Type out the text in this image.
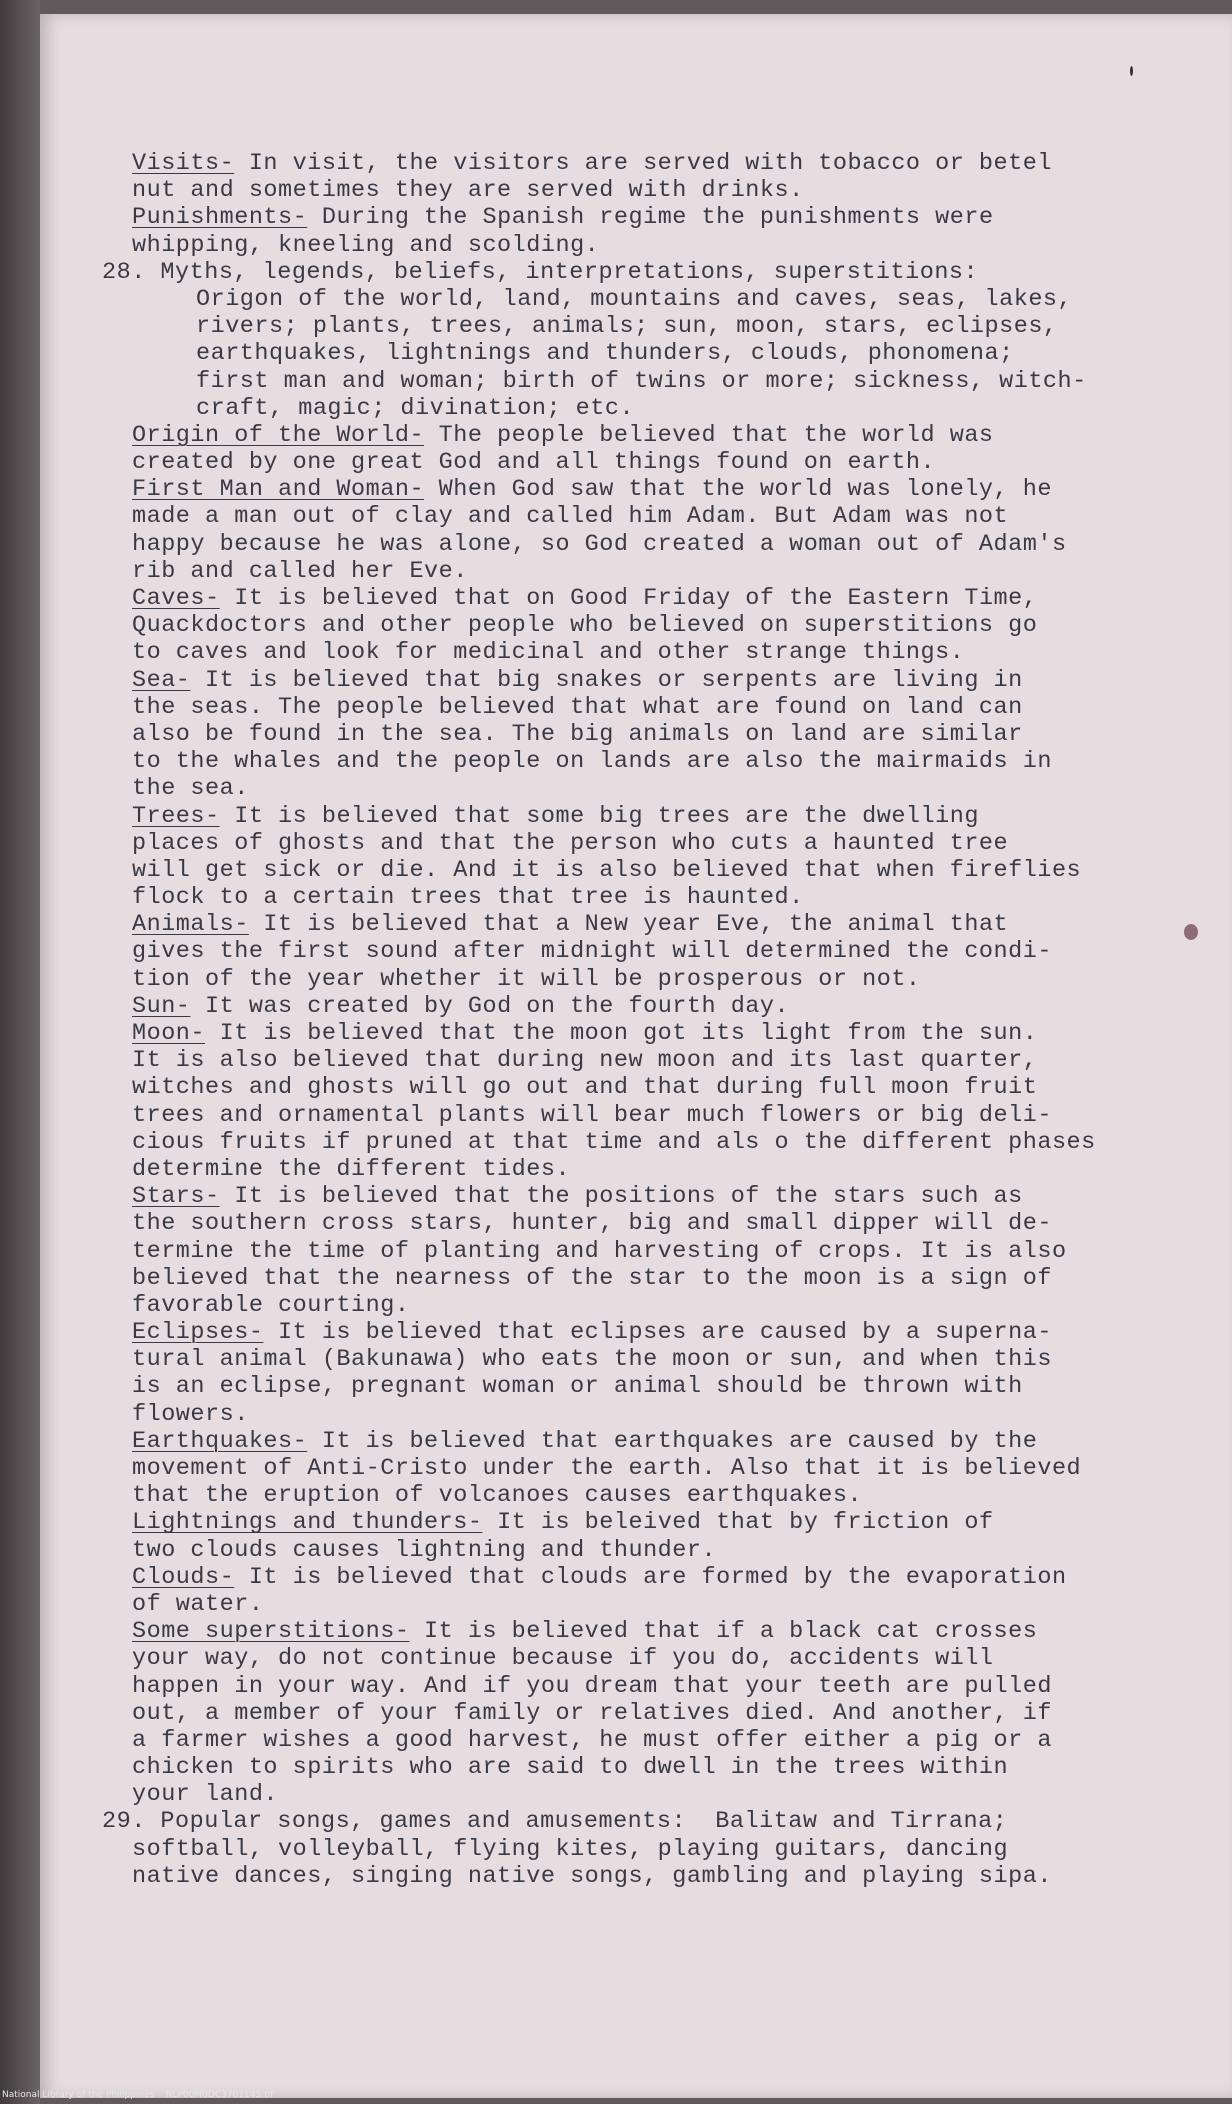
Visits- In visit, the visitors are served with tobacco or betel
nut and sometimes they are served with drinks.
Punishments- During the Spanish regime the punishments were
whipping, kneeling and scolding.
28. Myths, legends, beliefs, interpretations, superstitions:
Origon of the world, land, mountains and caves, seas, lakes,
rivers; plants, trees, animals; sun, moon, stars, eclipses,
earthquakes, lightnings and thunders, clouds, phonomena;
first man and woman; birth of twins or more; sickness, witch-
craft, magic; divination; etc.
Origin of the World- The people believed that the world was
created by one great God and all things found on earth.
First Man and Woman- When God saw that the world was lonely, he
made a man out of clay and called him Adam. But Adam was not
happy because he was alone, so God created a woman out of Adam's
rib and called her Eve.
Caves- It is believed that on Good Friday of the Eastern Time,
Quackdoctors and other people who believed on superstitions go
to caves and look for medicinal and other strange things.
Sea- It is believed that big snakes or serpents are living in
the seas. The people believed that what are found on land can
also be found in the sea. The big animals on land are similar
to the whales and the people on lands are also the mairmaids in
the sea.
Trees- It is believed that some big trees are the dwelling
places of ghosts and that the person who cuts a haunted tree
will get sick or die. And it is also believed that when fireflies
flock to a certain trees that tree is haunted.
Animals- It is believed that a New year Eve, the animal that
gives the first sound after midnight will determined the condi-
tion of the year whether it will be prosperous or not.
Sun- It was created by God on the fourth day.
Moon- It is believed that the moon got its light from the sun.
It is also believed that during new moon and its last quarter,
witches and ghosts will go out and that during full moon fruit
trees and ornamental plants will bear much flowers or big deli-
cious fruits if pruned at that time and als o the different phases
determine the different tides.
Stars- It is believed that the positions of the stars such as
the southern cross stars, hunter, big and small dipper will de-
termine the time of planting and harvesting of crops. It is also
believed that the nearness of the star to the moon is a sign of
favorable courting.
Eclipses- It is believed that eclipses are caused by a superna-
tural animal (Bakunawa) who eats the moon or sun, and when this
is an eclipse, pregnant woman or animal should be thrown with
flowers.
Earthquakes- It is believed that earthquakes are caused by the
movement of Anti-Cristo under the earth. Also that it is believed
that the eruption of volcanoes causes earthquakes.
Lightnings and thunders- It is beleived that by friction of
two clouds causes lightning and thunder.
Clouds- It is believed that clouds are formed by the evaporation
of water.
Some superstitions- It is believed that if a black cat crosses
your way, do not continue because if you do, accidents will
happen in your way. And if you dream that your teeth are pulled
out, a member of your family or relatives died. And another, if
a farmer wishes a good harvest, he must offer either a pig or a
chicken to spirits who are said to dwell in the trees within
your land.
29. Popular songs, games and amusements:  Balitaw and Tirrana;
softball, volleyball, flying kites, playing guitars, dancing
native dances, singing native songs, gambling and playing sipa.
National Library of the Philippines    NLP00M0DC3701145.tif
